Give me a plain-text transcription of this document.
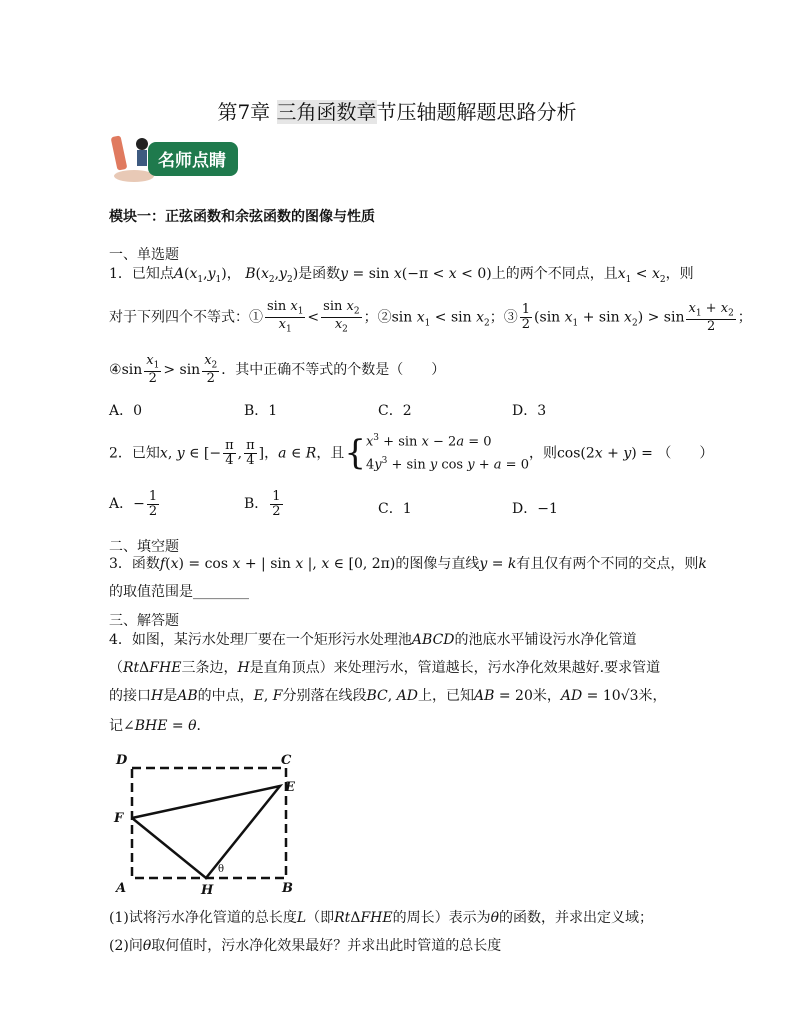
第7章 三角函数章节压轴题解题思路分析
名师点睛
模块一：正弦函数和余弦函数的图像与性质
一、单选题
1．已知点$A(x_1,y_1)$， $B(x_2,y_2)$是函数y = sin x(−π < x < 0)上的两个不同点，且$x_1 < x_2$，则
对于下列四个不等式：① $\frac{\sin x_1}{x_1} < \frac{\sin x_2}{x_2}$ ；②sin $x_1 < \sin x_2$；③ $\frac{1}{2} (\sin$ $x_1 + \sin x_2) > \sin \frac{x_1 + x_2}{2}$ ；
④sin $\frac{x_1}{2} > \sin \frac{x_2}{2}$ ．其中正确不等式的个数是（　　）
A．0	B．1	C．2	D．3
2．已知x, y ∈ [− $\frac{\pi}{4}$ , $\frac{\pi}{4}$ ]，a ∈ R，且{ $x^3 + \sin x - 2a = 0$
$4y^3 + \sin y$ cos y + a = 0
，则cos(2x + y) = （　　）
A．− $\frac{1}{2}$	B． $\frac{1}{2}$	C．1	D．−1
二、填空题
3．函数f(x) = cos x + | sin x |, x ∈ [0, 2π)的图像与直线y = k有且仅有两个不同的交点，则k
的取值范围是________
三、解答题
4．如图，某污水处理厂要在一个矩形污水处理池ABCD的池底水平铺设污水净化管道
（RtΔFHE三条边，H是直角顶点）来处理污水，管道越长，污水净化效果越好.要求管道
的接口H是AB的中点，E, F分别落在线段BC, AD上，已知AB = 20米，AD = 10√3米，
记∠BHE = θ．
D	C
E
F
A	H	B
θ
(1)试将污水净化管道的总长度L（即RtΔFHE的周长）表示为θ的函数，并求出定义域；
(2)问θ取何值时，污水净化效果最好？并求出此时管道的总长度
